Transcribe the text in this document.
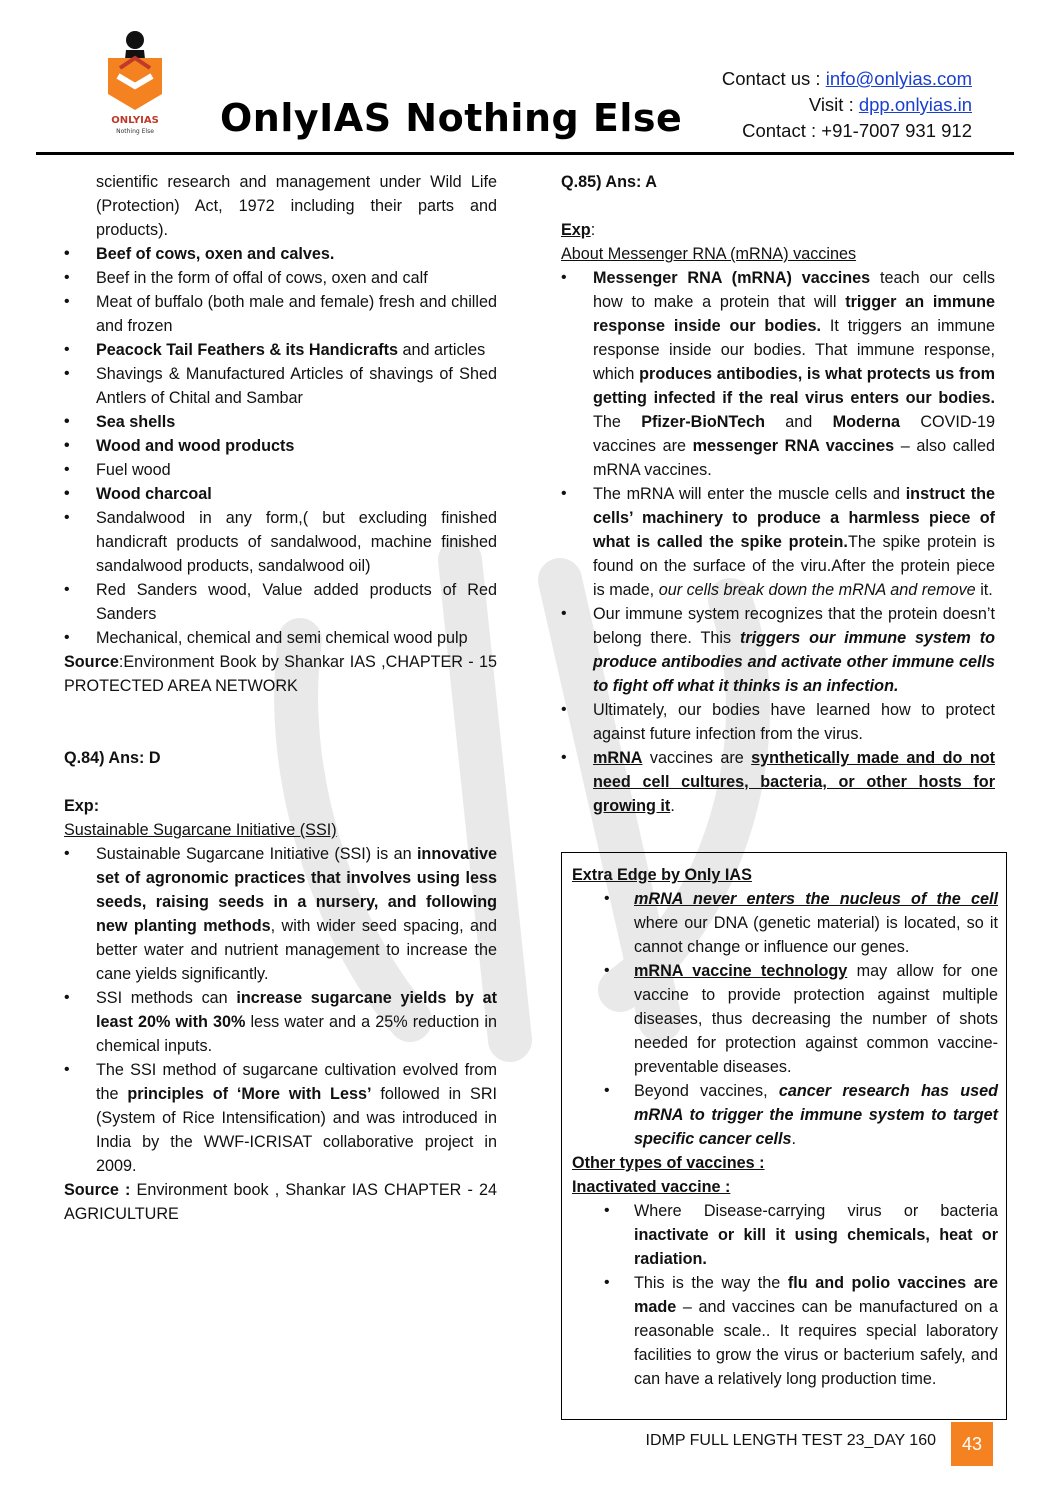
ONLYIAS
Nothing Else OnlyIAS Nothing Else
Contact us : info@onlyias.com
Visit : dpp.onlyias.in
Contact : +91-7007 931 912
scientific research and management under Wild Life (Protection) Act, 1972 including their parts and products).
• Beef of cows, oxen and calves.
• Beef in the form of offal of cows, oxen and calf
• Meat of buffalo (both male and female) fresh and chilled and frozen
• Peacock Tail Feathers & its Handicrafts and articles
• Shavings & Manufactured Articles of shavings of Shed Antlers of Chital and Sambar
• Sea shells
• Wood and wood products
• Fuel wood
• Wood charcoal
• Sandalwood in any form,( but excluding finished handicraft products of sandalwood, machine finished sandalwood products, sandalwood oil)
• Red Sanders wood, Value added products of Red Sanders
• Mechanical, chemical and semi chemical wood pulp

Source:Environment Book by Shankar IAS ,CHAPTER - 15 PROTECTED AREA NETWORK

Q.84) Ans: D

Exp:

Sustainable Sugarcane Initiative (SSI)

• Sustainable Sugarcane Initiative (SSI) is an innovative set of agronomic practices that involves using less seeds, raising seeds in a nursery, and following new planting methods, with wider seed spacing, and better water and nutrient management to increase the cane yields significantly.
• SSI methods can increase sugarcane yields by at least 20% with 30% less water and a 25% reduction in chemical inputs.
• The SSI method of sugarcane cultivation evolved from the principles of ‘More with Less’ followed in SRI (System of Rice Intensification) and was introduced in India by the WWF-ICRISAT collaborative project in 2009.

Source : Environment book , Shankar IAS CHAPTER - 24 AGRICULTURE

Q.85) Ans: A

Exp:

About Messenger RNA (mRNA) vaccines

• Messenger RNA (mRNA) vaccines teach our cells how to make a protein that will trigger an immune response inside our bodies. It triggers an immune response inside our bodies. That immune response, which produces antibodies, is what protects us from getting infected if the real virus enters our bodies. The Pfizer-BioNTech and Moderna COVID-19 vaccines are messenger RNA vaccines – also called mRNA vaccines.
• The mRNA will enter the muscle cells and instruct the cells’ machinery to produce a harmless piece of what is called the spike protein.The spike protein is found on the surface of the viru.After the protein piece is made, our cells break down the mRNA and remove it.
• Our immune system recognizes that the protein doesn’t belong there. This triggers our immune system to produce antibodies and activate other immune cells to fight off what it thinks is an infection.
• Ultimately, our bodies have learned how to protect against future infection from the virus.
• mRNA vaccines are synthetically made and do not need cell cultures, bacteria, or other hosts for growing it.

Extra Edge by Only IAS

• mRNA never enters the nucleus of the cell where our DNA (genetic material) is located, so it cannot change or influence our genes.
• mRNA vaccine technology may allow for one vaccine to provide protection against multiple diseases, thus decreasing the number of shots needed for protection against common vaccine-preventable diseases.
• Beyond vaccines, cancer research has used mRNA to trigger the immune system to target specific cancer cells.

Other types of vaccines :

Inactivated vaccine :

• Where Disease-carrying virus or bacteria inactivate or kill it using chemicals, heat or radiation.
• This is the way the flu and polio vaccines are made – and vaccines can be manufactured on a reasonable scale.. It requires special laboratory facilities to grow the virus or bacterium safely, and can have a relatively long production time.
IDMP FULL LENGTH TEST 23_DAY 160	43
